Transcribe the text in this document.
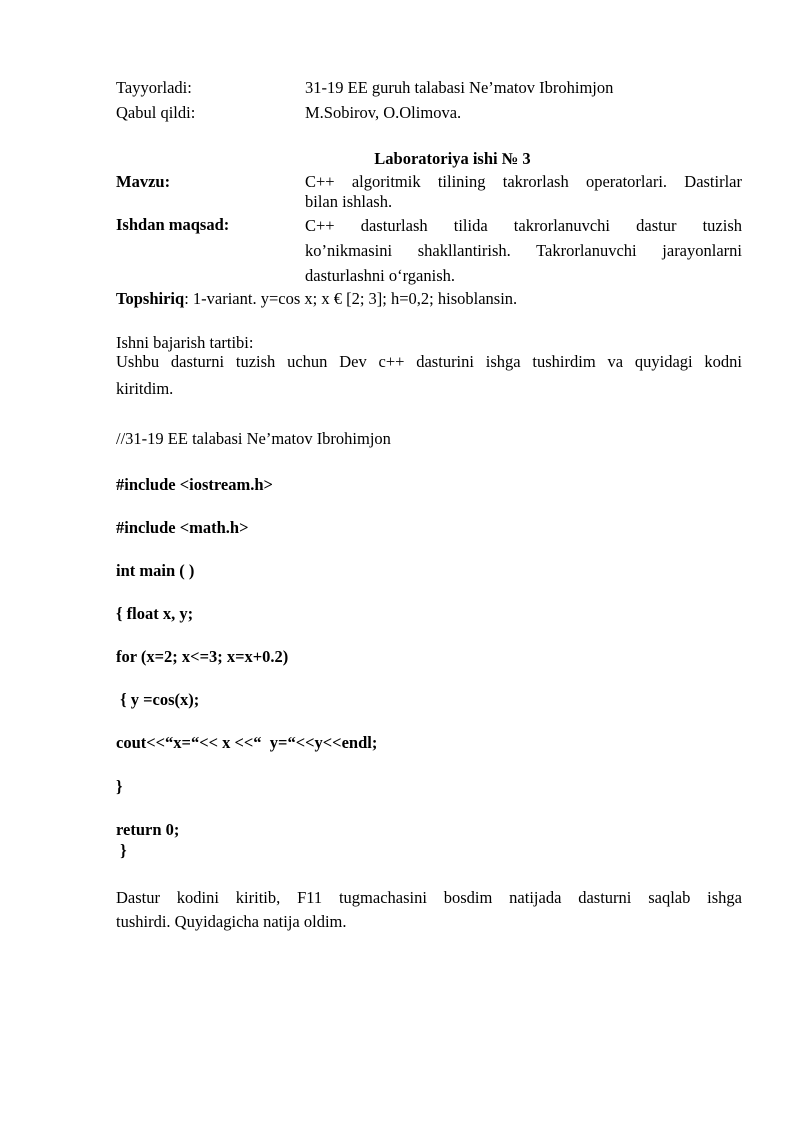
Tayyorladi:	31-19 EE guruh talabasi Ne’matov Ibrohimjon
Qabul qildi:	M.Sobirov, O.Olimova.
Laboratoriya ishi № 3
Mavzu:	C++ algoritmik tilining takrorlash operatorlari. Dastirlar
bilan ishlash.
Ishdan maqsad:	C++ dasturlash tilida takrorlanuvchi dastur tuzish
ko’nikmasini shakllantirish. Takrorlanuvchi jarayonlarni
dasturlashni o‘rganish.
Topshiriq: 1-variant. y=cos x; x € [2; 3]; h=0,2; hisoblansin.
Ishni bajarish tartibi:
Ushbu dasturni tuzish uchun Dev c++ dasturini ishga tushirdim va quyidagi kodni
kiritdim.
//31-19 EE talabasi Ne’matov Ibrohimjon
#include <iostream.h>
#include <math.h>
int main ( )
{ float x, y;
for (x=2; x<=3; x=x+0.2)
{ y =cos(x);
cout<<“x=“<< x <<“  y=“<<y<<endl;
}
return 0;
}
Dastur kodini kiritib, F11 tugmachasini bosdim natijada dasturni saqlab ishga
tushirdi. Quyidagicha natija oldim.
